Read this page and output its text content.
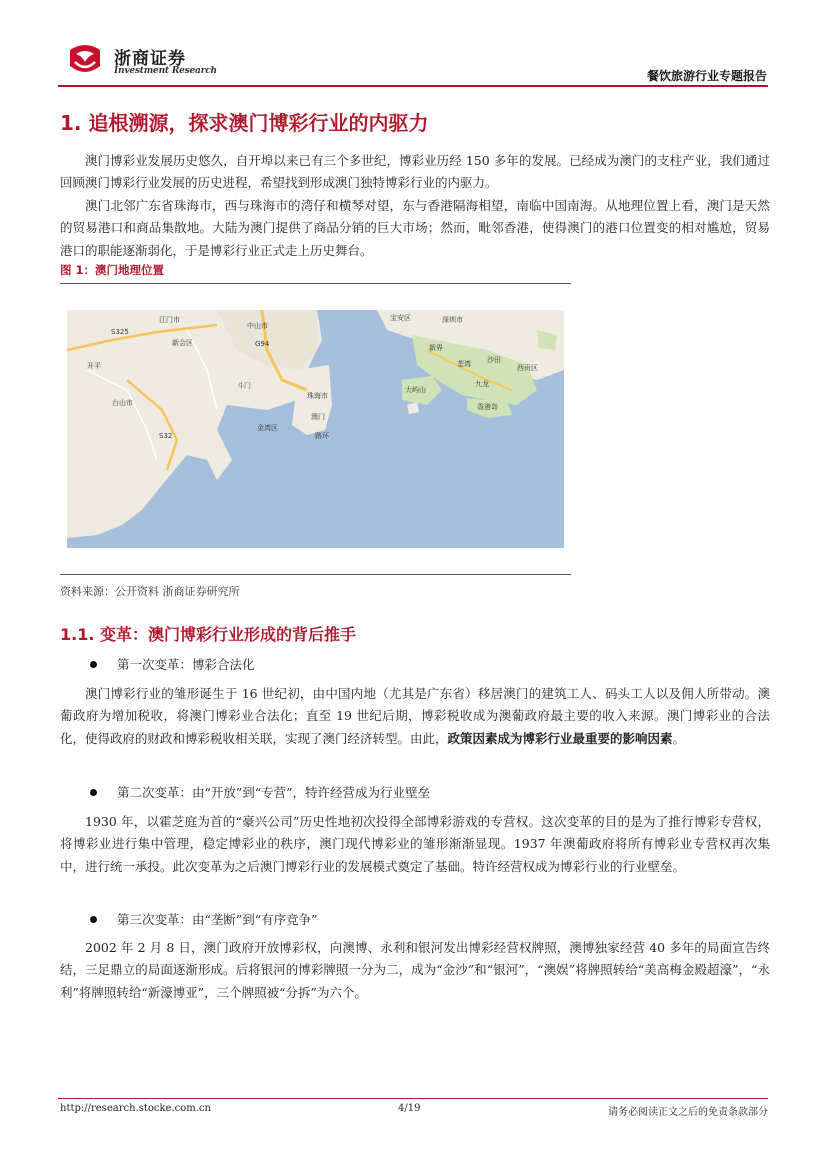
浙商证券
Investment Research	餐饮旅游行业专题报告
1. 追根溯源，探求澳门博彩行业的内驱力

澳门博彩业发展历史悠久，自开埠以来已有三个多世纪，博彩业历经 150 多年的发展。已经成为澳门的支柱产业，我们通过回顾澳门博彩行业发展的历史进程，希望找到形成澳门独特博彩行业的内驱力。

澳门北邻广东省珠海市，西与珠海市的湾仔和横琴对望，东与香港隔海相望，南临中国南海。从地理位置上看，澳门是天然的贸易港口和商品集散地。大陆为澳门提供了商品分销的巨大市场；然而，毗邻香港，使得澳门的港口位置变的相对尴尬，贸易港口的职能逐渐弱化，于是博彩行业正式走上历史舞台。

图 1：澳门地理位置
中山市
珠海市
澳门
路环
深圳市
宝安区
新界
荃湾 沙田
西贡区
九龙
香港岛
大屿山
台山市
开平
新会区
江门市
金湾区
斗门
S32
G94
S325
资料来源：公开资料 浙商证券研究所
1.1. 变革：澳门博彩行业形成的背后推手
第一次变革：博彩合法化

澳门博彩行业的雏形诞生于 16 世纪初，由中国内地（尤其是广东省）移居澳门的建筑工人、码头工人以及佣人所带动。澳葡政府为增加税收，将澳门博彩业合法化；直至 19 世纪后期，博彩税收成为澳葡政府最主要的收入来源。澳门博彩业的合法化，使得政府的财政和博彩税收相关联，实现了澳门经济转型。由此，政策因素成为博彩行业最重要的影响因素。

第二次变革：由“开放”到“专营”，特许经营成为行业壁垒

1930 年，以霍芝庭为首的“豪兴公司”历史性地初次投得全部博彩游戏的专营权。这次变革的目的是为了推行博彩专营权，将博彩业进行集中管理，稳定博彩业的秩序，澳门现代博彩业的雏形渐渐显现。1937 年澳葡政府将所有博彩业专营权再次集中，进行统一承投。此次变革为之后澳门博彩行业的发展模式奠定了基础。特许经营权成为博彩行业的行业壁垒。

第三次变革：由“垄断”到“有序竞争”

2002 年 2 月 8 日，澳门政府开放博彩权，向澳博、永利和银河发出博彩经营权牌照，澳博独家经营 40 多年的局面宣告终结，三足鼎立的局面逐渐形成。后将银河的博彩牌照一分为二，成为“金沙”和“银河”，“澳娱”将牌照转给“美高梅金殿超濠”，“永利”将牌照转给“新濠博亚”，三个牌照被“分拆”为六个。

http://research.stocke.com.cn	4/19	请务必阅读正文之后的免责条款部分
